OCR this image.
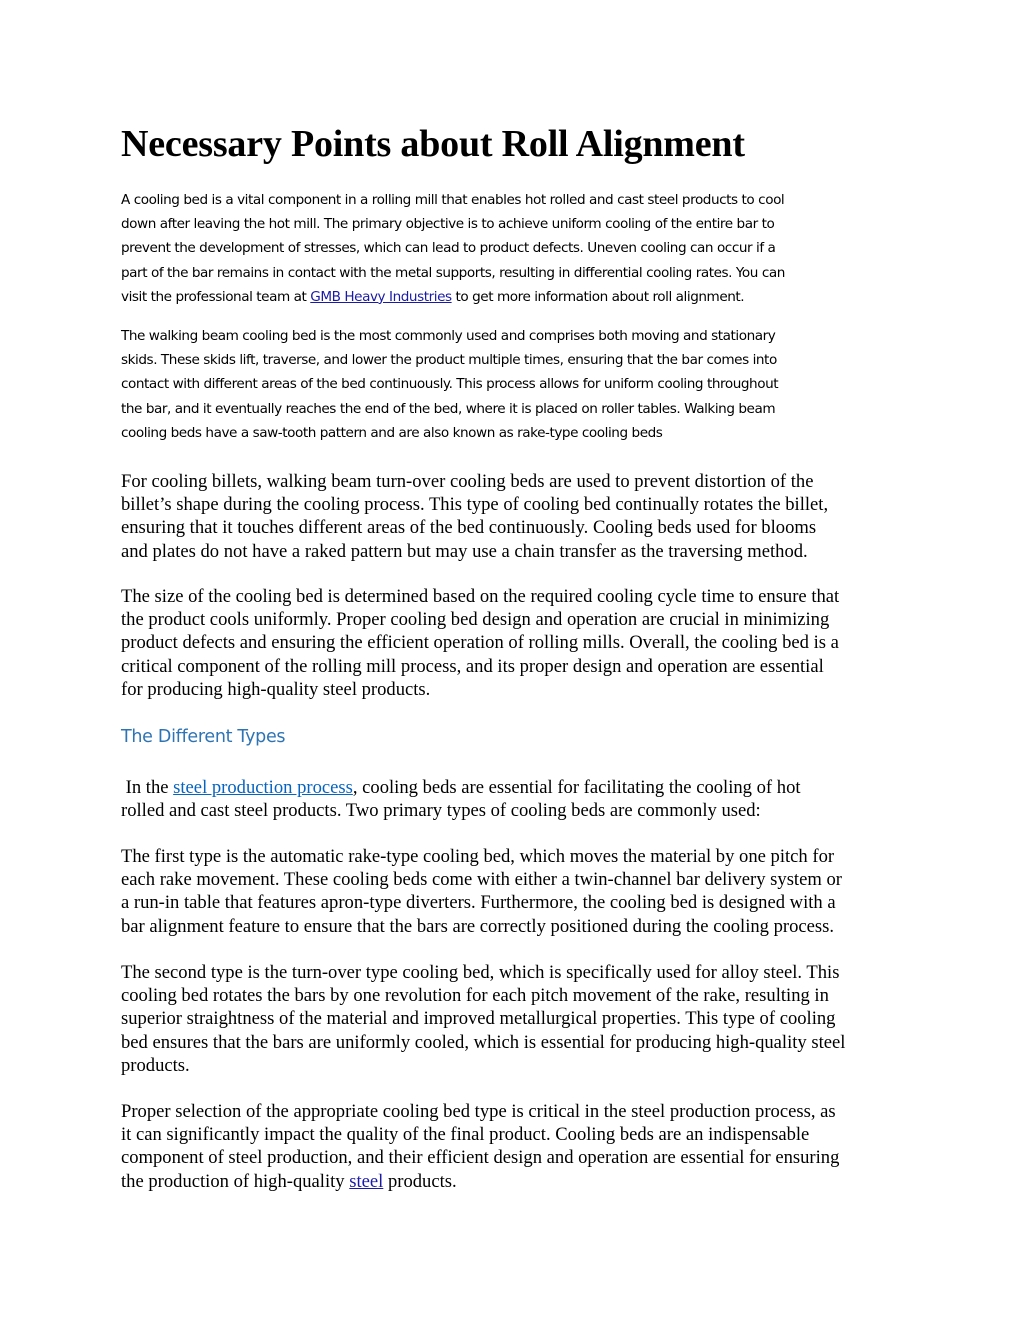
Necessary Points about Roll Alignment

A cooling bed is a vital component in a rolling mill that enables hot rolled and cast steel products to cool
down after leaving the hot mill. The primary objective is to achieve uniform cooling of the entire bar to
prevent the development of stresses, which can lead to product defects. Uneven cooling can occur if a
part of the bar remains in contact with the metal supports, resulting in differential cooling rates. You can
visit the professional team at GMB Heavy Industries to get more information about roll alignment.

The walking beam cooling bed is the most commonly used and comprises both moving and stationary
skids. These skids lift, traverse, and lower the product multiple times, ensuring that the bar comes into
contact with different areas of the bed continuously. This process allows for uniform cooling throughout
the bar, and it eventually reaches the end of the bed, where it is placed on roller tables. Walking beam
cooling beds have a saw-tooth pattern and are also known as rake-type cooling beds

For cooling billets, walking beam turn-over cooling beds are used to prevent distortion of the
billet’s shape during the cooling process. This type of cooling bed continually rotates the billet,
ensuring that it touches different areas of the bed continuously. Cooling beds used for blooms
and plates do not have a raked pattern but may use a chain transfer as the traversing method.

The size of the cooling bed is determined based on the required cooling cycle time to ensure that
the product cools uniformly. Proper cooling bed design and operation are crucial in minimizing
product defects and ensuring the efficient operation of rolling mills. Overall, the cooling bed is a
critical component of the rolling mill process, and its proper design and operation are essential
for producing high-quality steel products.

The Different Types

In the steel production process, cooling beds are essential for facilitating the cooling of hot
rolled and cast steel products. Two primary types of cooling beds are commonly used:

The first type is the automatic rake-type cooling bed, which moves the material by one pitch for
each rake movement. These cooling beds come with either a twin-channel bar delivery system or
a run-in table that features apron-type diverters. Furthermore, the cooling bed is designed with a
bar alignment feature to ensure that the bars are correctly positioned during the cooling process.

The second type is the turn-over type cooling bed, which is specifically used for alloy steel. This
cooling bed rotates the bars by one revolution for each pitch movement of the rake, resulting in
superior straightness of the material and improved metallurgical properties. This type of cooling
bed ensures that the bars are uniformly cooled, which is essential for producing high-quality steel
products.

Proper selection of the appropriate cooling bed type is critical in the steel production process, as
it can significantly impact the quality of the final product. Cooling beds are an indispensable
component of steel production, and their efficient design and operation are essential for ensuring
the production of high-quality steel products.
